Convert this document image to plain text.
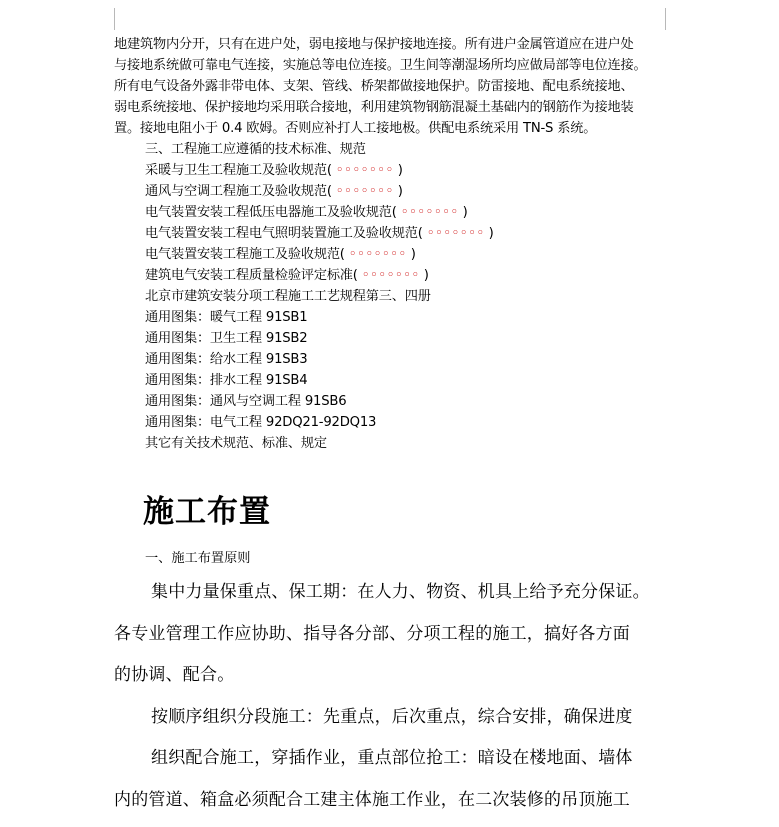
地建筑物内分开，只有在进户处，弱电接地与保护接地连接。所有进户金属管道应在进户处
与接地系统做可靠电气连接，实施总等电位连接。卫生间等潮湿场所均应做局部等电位连接。
所有电气设备外露非带电体、支架、管线、桥架都做接地保护。防雷接地、配电系统接地、
弱电系统接地、保护接地均采用联合接地，利用建筑物钢筋混凝土基础内的钢筋作为接地装
置。接地电阻小于 0.4 欧姆。否则应补打人工接地极。供配电系统采用 TN-S 系统。

三、工程施工应遵循的技术标准、规范
采暖与卫生工程施工及验收规范( ◦◦◦◦◦◦◦ )
通风与空调工程施工及验收规范( ◦◦◦◦◦◦◦ )
电气装置安装工程低压电器施工及验收规范( ◦◦◦◦◦◦◦ )
电气装置安装工程电气照明装置施工及验收规范( ◦◦◦◦◦◦◦ )
电气装置安装工程施工及验收规范( ◦◦◦◦◦◦◦ )
建筑电气安装工程质量检验评定标准( ◦◦◦◦◦◦◦ )
北京市建筑安装分项工程施工工艺规程第三、四册
通用图集：暖气工程 91SB1
通用图集：卫生工程 91SB2
通用图集：给水工程 91SB3
通用图集：排水工程 91SB4
通用图集：通风与空调工程 91SB6
通用图集：电气工程 92DQ21-92DQ13
其它有关技术规范、标准、规定
施工布置

一、施工布置原则

集中力量保重点、保工期：在人力、物资、机具上给予充分保证。
各专业管理工作应协助、指导各分部、分项工程的施工，搞好各方面
的协调、配合。
按顺序组织分段施工：先重点，后次重点，综合安排，确保进度
组织配合施工，穿插作业，重点部位抢工：暗设在楼地面、墙体
内的管道、箱盒必须配合工建主体施工作业，在二次装修的吊顶施工
